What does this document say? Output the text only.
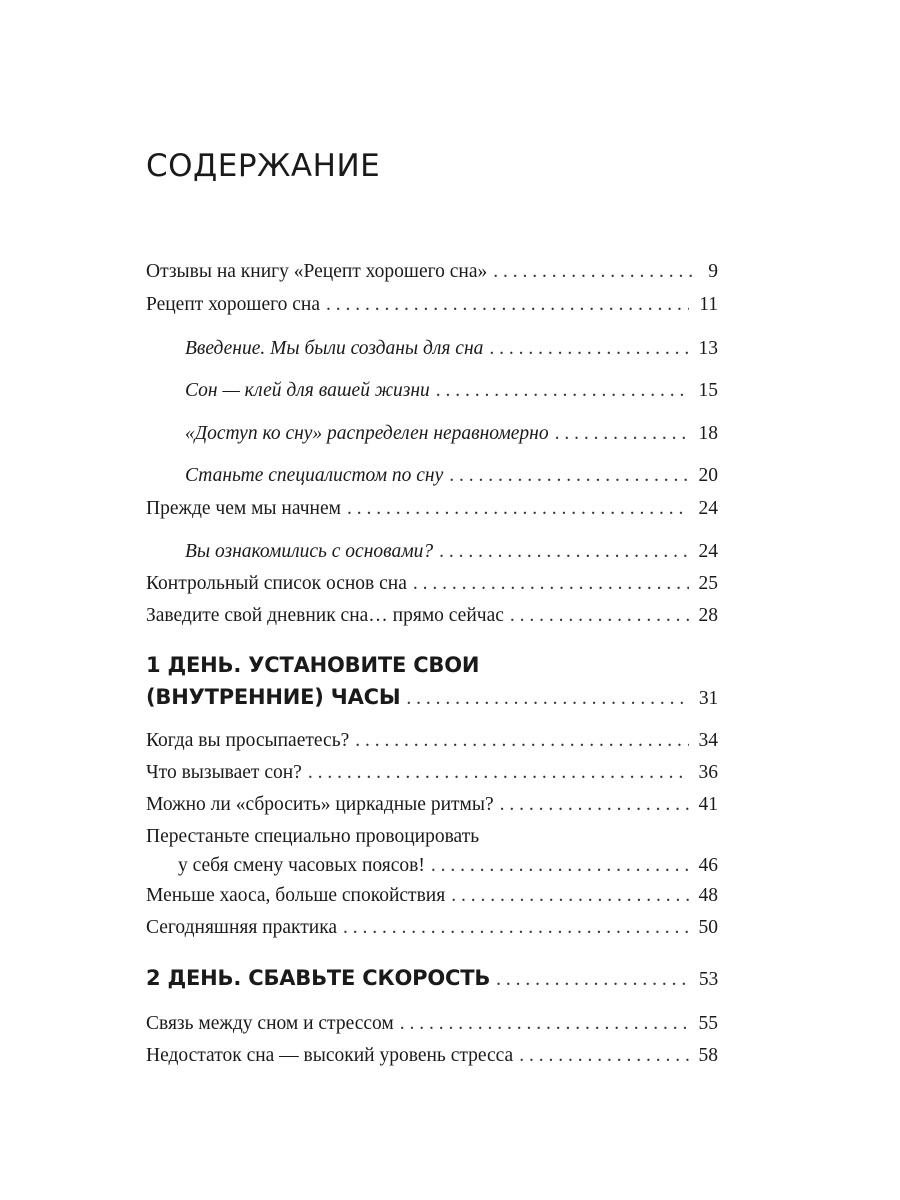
СОДЕРЖАНИЕ
Отзывы на книгу «Рецепт хорошего сна» . . .	9
Рецепт хорошего сна . . .	11
Введение. Мы были созданы для сна . . .	13
Сон — клей для вашей жизни . . .	15
«Доступ ко сну» распределен неравномерно . . .	18
Станьте специалистом по сну . . .	20
Прежде чем мы начнем . . .	24
Вы ознакомились с основами? . . .	24
Контрольный список основ сна . . .	25
Заведите свой дневник сна… прямо сейчас . . .	28
1 ДЕНЬ. УСТАНОВИТЕ СВОИ
(ВНУТРЕННИЕ) ЧАСЫ . . .	31
Когда вы просыпаетесь? . . .	34
Что вызывает сон? . . .	36
Можно ли «сбросить» циркадные ритмы? . . .	41
Перестаньте специально провоцировать
у себя смену часовых поясов! . . .	46
Меньше хаоса, больше спокойствия . . .	48
Сегодняшняя практика . . .	50
2 ДЕНЬ. СБАВЬТЕ СКОРОСТЬ . . .	53
Связь между сном и стрессом . . .	55
Недостаток сна — высокий уровень стресса . . .	58
